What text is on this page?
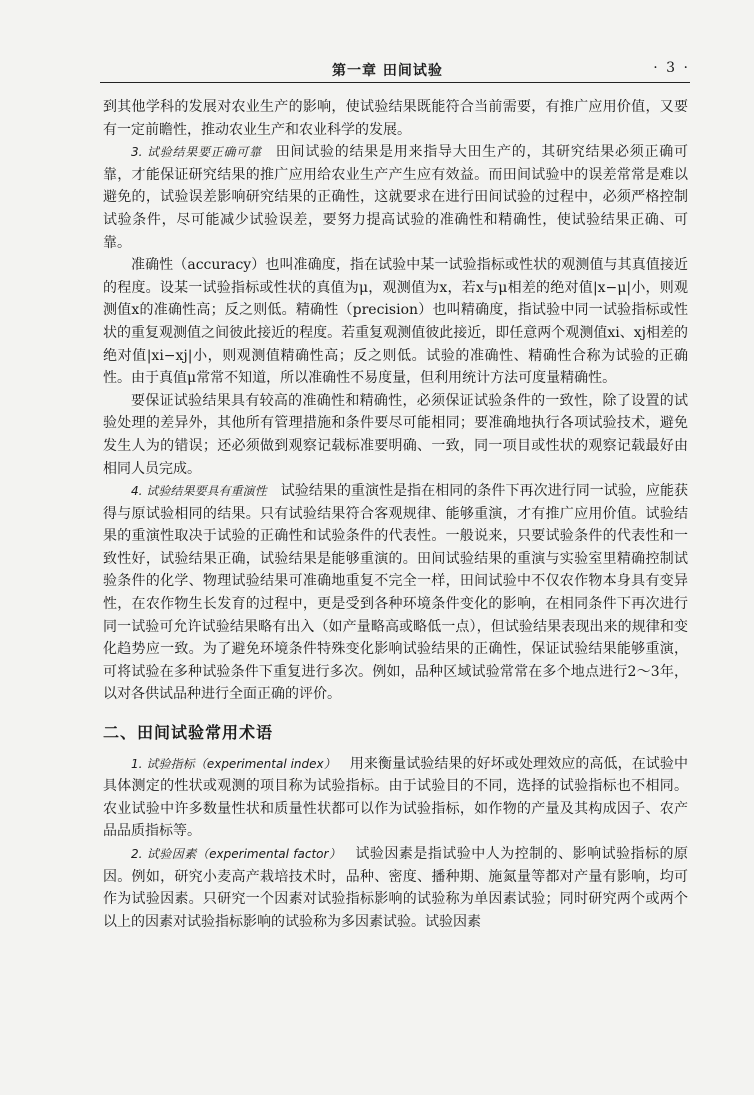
第一章 田间试验	· 3 ·

到其他学科的发展对农业生产的影响，使试验结果既能符合当前需要，有推广应用价值，又要有一定前瞻性，推动农业生产和农业科学的发展。

3. 试验结果要正确可靠 田间试验的结果是用来指导大田生产的，其研究结果必须正确可靠，才能保证研究结果的推广应用给农业生产产生应有效益。而田间试验中的误差常常是难以避免的，试验误差影响研究结果的正确性，这就要求在进行田间试验的过程中，必须严格控制试验条件，尽可能减少试验误差，要努力提高试验的准确性和精确性，使试验结果正确、可靠。

准确性（accuracy）也叫准确度，指在试验中某一试验指标或性状的观测值与其真值接近的程度。设某一试验指标或性状的真值为μ，观测值为x，若x与μ相差的绝对值|x−μ|小，则观测值x的准确性高；反之则低。精确性（precision）也叫精确度，指试验中同一试验指标或性状的重复观测值之间彼此接近的程度。若重复观测值彼此接近，即任意两个观测值xi、xj相差的绝对值|xi−xj|小，则观测值精确性高；反之则低。试验的准确性、精确性合称为试验的正确性。由于真值μ常常不知道，所以准确性不易度量，但利用统计方法可度量精确性。

要保证试验结果具有较高的准确性和精确性，必须保证试验条件的一致性，除了设置的试验处理的差异外，其他所有管理措施和条件要尽可能相同；要准确地执行各项试验技术，避免发生人为的错误；还必须做到观察记载标准要明确、一致，同一项目或性状的观察记载最好由相同人员完成。

4. 试验结果要具有重演性 试验结果的重演性是指在相同的条件下再次进行同一试验，应能获得与原试验相同的结果。只有试验结果符合客观规律、能够重演，才有推广应用价值。试验结果的重演性取决于试验的正确性和试验条件的代表性。一般说来，只要试验条件的代表性和一致性好，试验结果正确，试验结果是能够重演的。田间试验结果的重演与实验室里精确控制试验条件的化学、物理试验结果可准确地重复不完全一样，田间试验中不仅农作物本身具有变异性，在农作物生长发育的过程中，更是受到各种环境条件变化的影响，在相同条件下再次进行同一试验可允许试验结果略有出入（如产量略高或略低一点），但试验结果表现出来的规律和变化趋势应一致。为了避免环境条件特殊变化影响试验结果的正确性，保证试验结果能够重演，可将试验在多种试验条件下重复进行多次。例如，品种区域试验常常在多个地点进行2～3年，以对各供试品种进行全面正确的评价。

二、田间试验常用术语

1. 试验指标（experimental index） 用来衡量试验结果的好坏或处理效应的高低，在试验中具体测定的性状或观测的项目称为试验指标。由于试验目的不同，选择的试验指标也不相同。农业试验中许多数量性状和质量性状都可以作为试验指标，如作物的产量及其构成因子、农产品品质指标等。

2. 试验因素（experimental factor） 试验因素是指试验中人为控制的、影响试验指标的原因。例如，研究小麦高产栽培技术时，品种、密度、播种期、施氮量等都对产量有影响，均可作为试验因素。只研究一个因素对试验指标影响的试验称为单因素试验；同时研究两个或两个以上的因素对试验指标影响的试验称为多因素试验。试验因素
